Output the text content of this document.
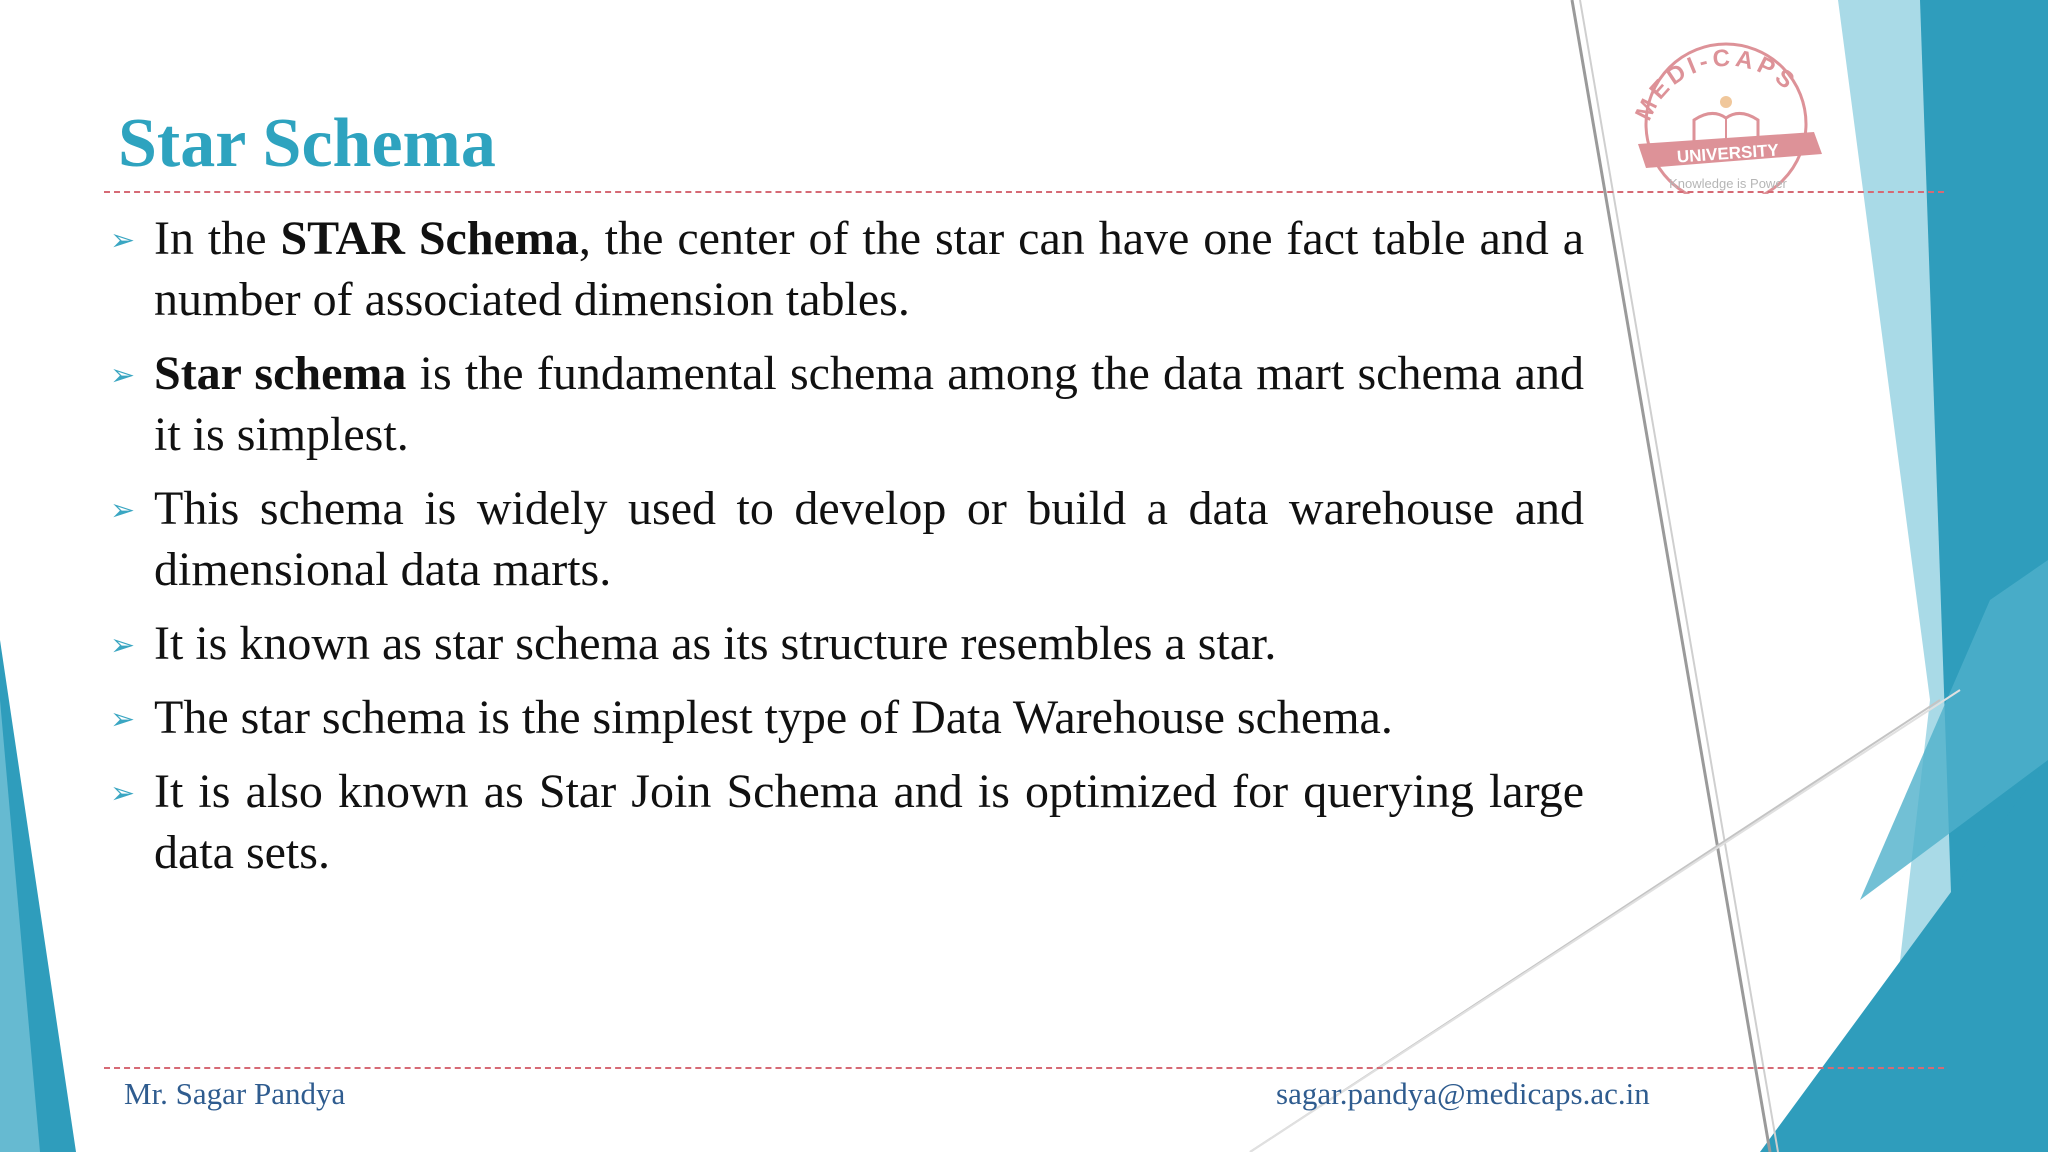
MEDI-CAPS
UNIVERSITY
Knowledge is Power
Star Schema
➢ In the STAR Schema, the center of the star can have one fact table and a number of associated dimension tables.
➢ Star schema is the fundamental schema among the data mart schema and it is simplest.
➢ This schema is widely used to develop or build a data warehouse and dimensional data marts.
➢ It is known as star schema as its structure resembles a star.
➢ The star schema is the simplest type of Data Warehouse schema.
➢ It is also known as Star Join Schema and is optimized for querying large data sets.
Mr. Sagar Pandya	sagar.pandya@medicaps.ac.in
